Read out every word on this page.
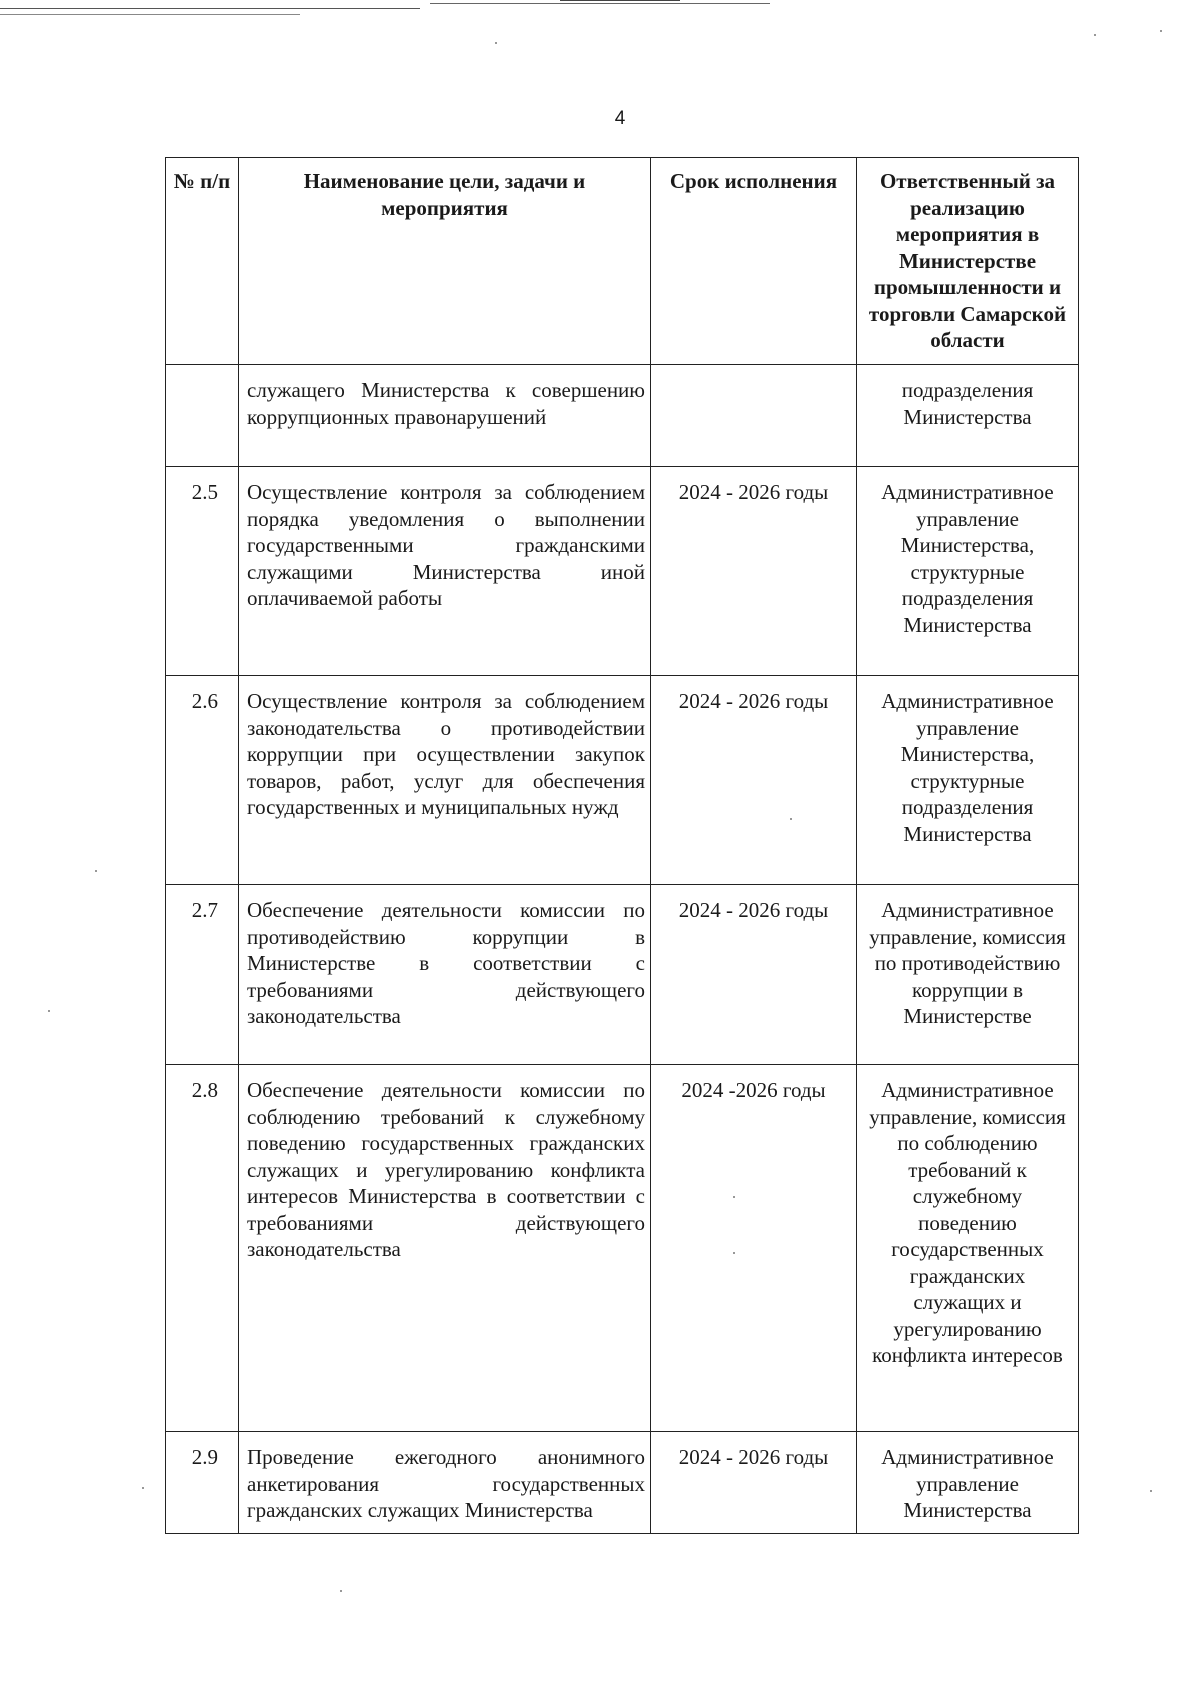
4
№ п/п	Наименование цели, задачи и мероприятия	Срок исполнения	Ответственный за реализацию мероприятия в Министерстве промышленности и торговли Самарской области
	служащего Министерства к совершению коррупционных правонарушений		подразделения Министерства
2.5	Осуществление контроля за соблюдением порядка уведомления о выполнении государственными гражданскими служащими Министерства иной оплачиваемой работы	2024 - 2026 годы	Административное управление Министерства, структурные подразделения Министерства
2.6	Осуществление контроля за соблюдением законодательства о противодействии коррупции при осуществлении закупок товаров, работ, услуг для обеспечения государственных и муниципальных нужд	2024 - 2026 годы	Административное управление Министерства, структурные подразделения Министерства
2.7	Обеспечение деятельности комиссии по противодействию коррупции в Министерстве в соответствии с требованиями действующего законодательства	2024 - 2026 годы	Административное управление, комиссия по противодействию коррупции в Министерстве
2.8	Обеспечение деятельности комиссии по соблюдению требований к служебному поведению государственных гражданских служащих и урегулированию конфликта интересов Министерства в соответствии с требованиями действующего законодательства	2024 -2026 годы	Административное управление, комиссия по соблюдению требований к служебному поведению государственных гражданских служащих и урегулированию конфликта интересов
2.9	Проведение ежегодного анонимного анкетирования государственных гражданских служащих Министерства	2024 - 2026 годы	Административное управление Министерства
